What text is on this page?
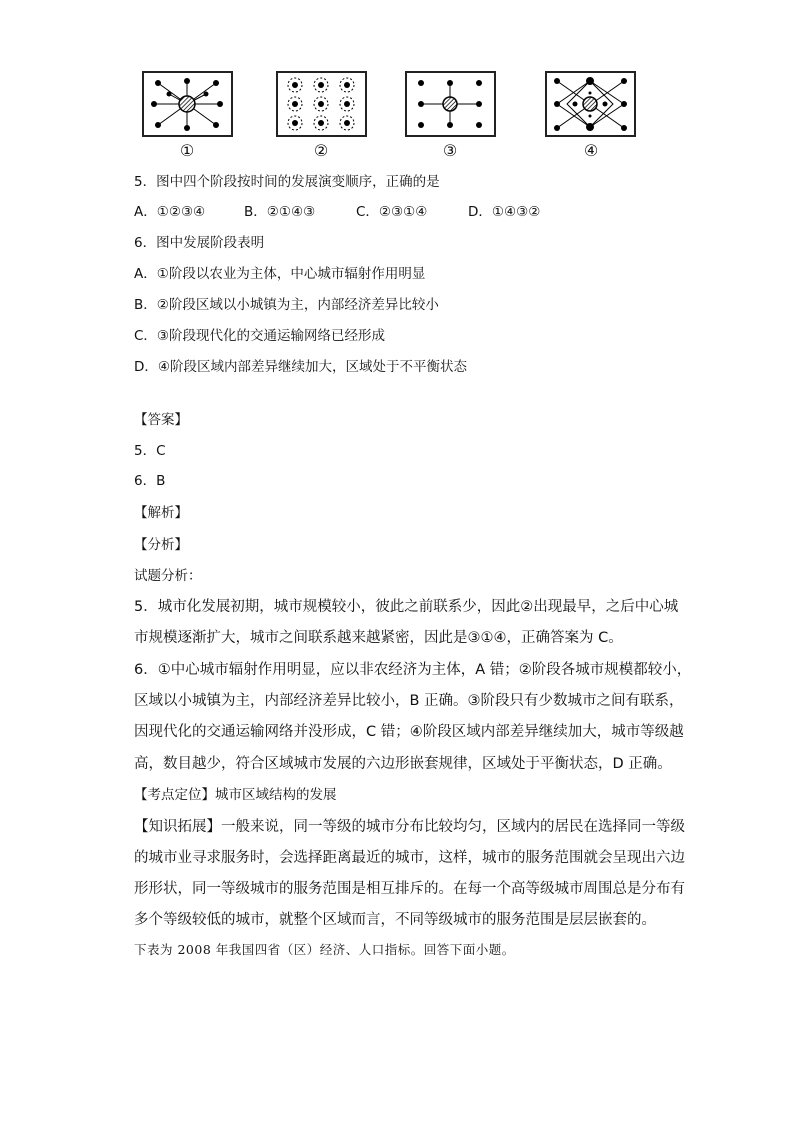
①	②	③	④
5．图中四个阶段按时间的发展演变顺序，正确的是
A．①②③④	B．②①④③	C．②③①④	D．①④③②
6．图中发展阶段表明
A．①阶段以农业为主体，中心城市辐射作用明显
B．②阶段区域以小城镇为主，内部经济差异比较小
C．③阶段现代化的交通运输网络已经形成
D．④阶段区域内部差异继续加大，区域处于不平衡状态
【答案】
5．C
6．B
【解析】
【分析】
试题分析：
5．城市化发展初期，城市规模较小，彼此之前联系少，因此②出现最早，之后中心城
市规模逐渐扩大，城市之间联系越来越紧密，因此是③①④，正确答案为 C。
6．①中心城市辐射作用明显，应以非农经济为主体，A 错；②阶段各城市规模都较小，
区域以小城镇为主，内部经济差异比较小，B 正确。③阶段只有少数城市之间有联系，
因现代化的交通运输网络并没形成，C 错；④阶段区域内部差异继续加大，城市等级越
高，数目越少，符合区域城市发展的六边形嵌套规律，区域处于平衡状态，D 正确。
【考点定位】城市区域结构的发展
【知识拓展】一般来说，同一等级的城市分布比较均匀，区域内的居民在选择同一等级
的城市业寻求服务时，会选择距离最近的城市，这样，城市的服务范围就会呈现出六边
形形状，同一等级城市的服务范围是相互排斥的。在每一个高等级城市周围总是分布有
多个等级较低的城市，就整个区域而言，不同等级城市的服务范围是层层嵌套的。
下表为 2008 年我国四省（区）经济、人口指标。回答下面小题。
